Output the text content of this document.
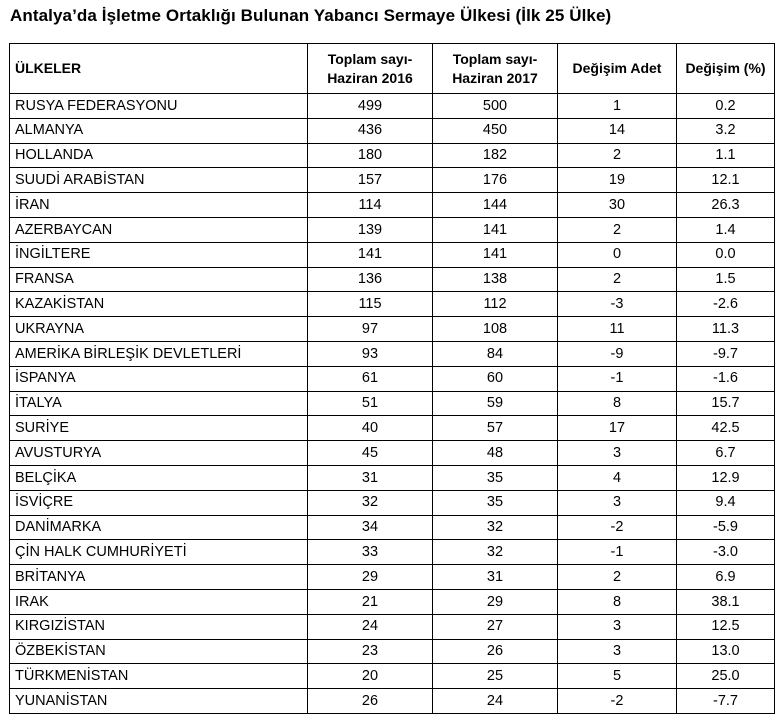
Antalya’da İşletme Ortaklığı Bulunan Yabancı Sermaye Ülkesi (İlk 25 Ülke)
ÜLKELER	Toplam sayı-Haziran 2016	Toplam sayı-Haziran 2017	Değişim Adet	Değişim (%)
RUSYA FEDERASYONU	499	500	1	0.2
ALMANYA	436	450	14	3.2
HOLLANDA	180	182	2	1.1
SUUDİ ARABİSTAN	157	176	19	12.1
İRAN	114	144	30	26.3
AZERBAYCAN	139	141	2	1.4
İNGİLTERE	141	141	0	0.0
FRANSA	136	138	2	1.5
KAZAKİSTAN	115	112	-3	-2.6
UKRAYNA	97	108	11	11.3
AMERİKA BİRLEŞİK DEVLETLERİ	93	84	-9	-9.7
İSPANYA	61	60	-1	-1.6
İTALYA	51	59	8	15.7
SURİYE	40	57	17	42.5
AVUSTURYA	45	48	3	6.7
BELÇİKA	31	35	4	12.9
İSVİÇRE	32	35	3	9.4
DANİMARKA	34	32	-2	-5.9
ÇİN HALK CUMHURİYETİ	33	32	-1	-3.0
BRİTANYA	29	31	2	6.9
IRAK	21	29	8	38.1
KIRGIZİSTAN	24	27	3	12.5
ÖZBEKİSTAN	23	26	3	13.0
TÜRKMENİSTAN	20	25	5	25.0
YUNANİSTAN	26	24	-2	-7.7
